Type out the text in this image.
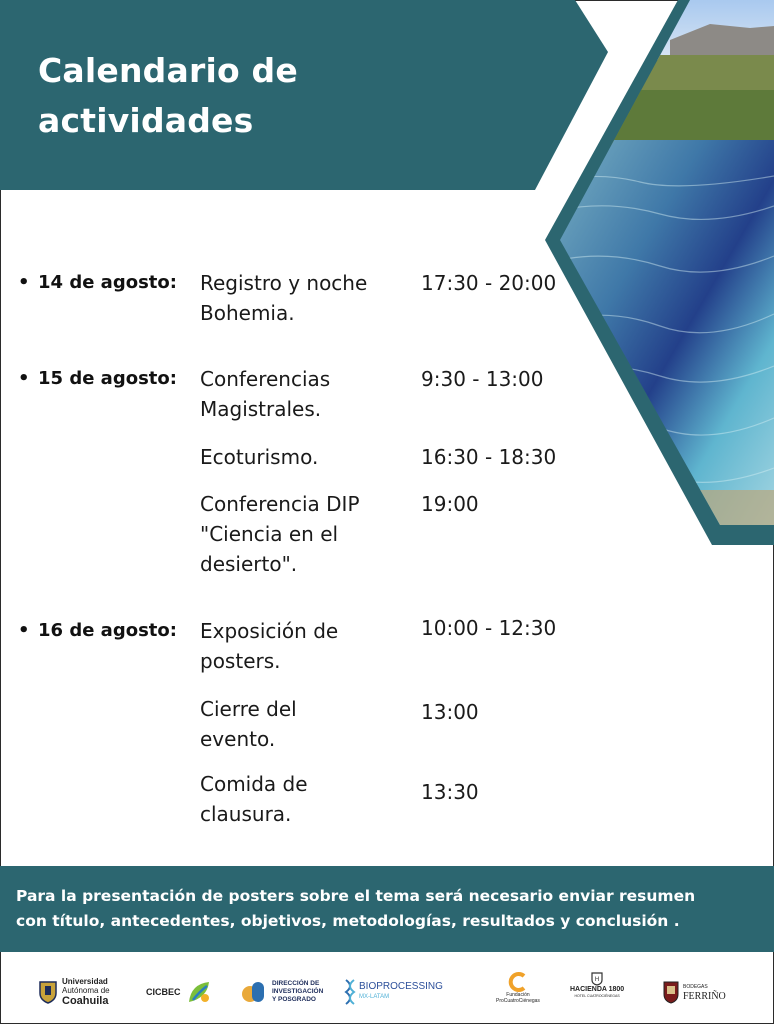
Calendario de
actividades
• 14 de agosto: Registro y noche
Bohemia.
17:30 - 20:00
• 15 de agosto: Conferencias
Magistrales.
9:30 - 13:00
Ecoturismo.	16:30 - 18:30
Conferencia DIP
"Ciencia en el
desierto".
19:00
• 16 de agosto: Exposición de
posters.
10:00 - 12:30
Cierre del
evento.
13:00
Comida de
clausura.
13:30

Para la presentación de posters sobre el tema será necesario enviar resumen
con título, antecedentes, objetivos, metodologías, resultados y conclusión .

Universidad
Autónoma de
Coahuila
CICBEC
DIRECCIÓN DE
INVESTIGACIÓN
Y POSGRADO
BIOPROCESSING
MX-LATAM	Fundación
ProCuatroCiénegas
H
HACIENDA 1800
HOTEL CUATROCIÉNEGAS
BODEGAS
FERRIÑO
